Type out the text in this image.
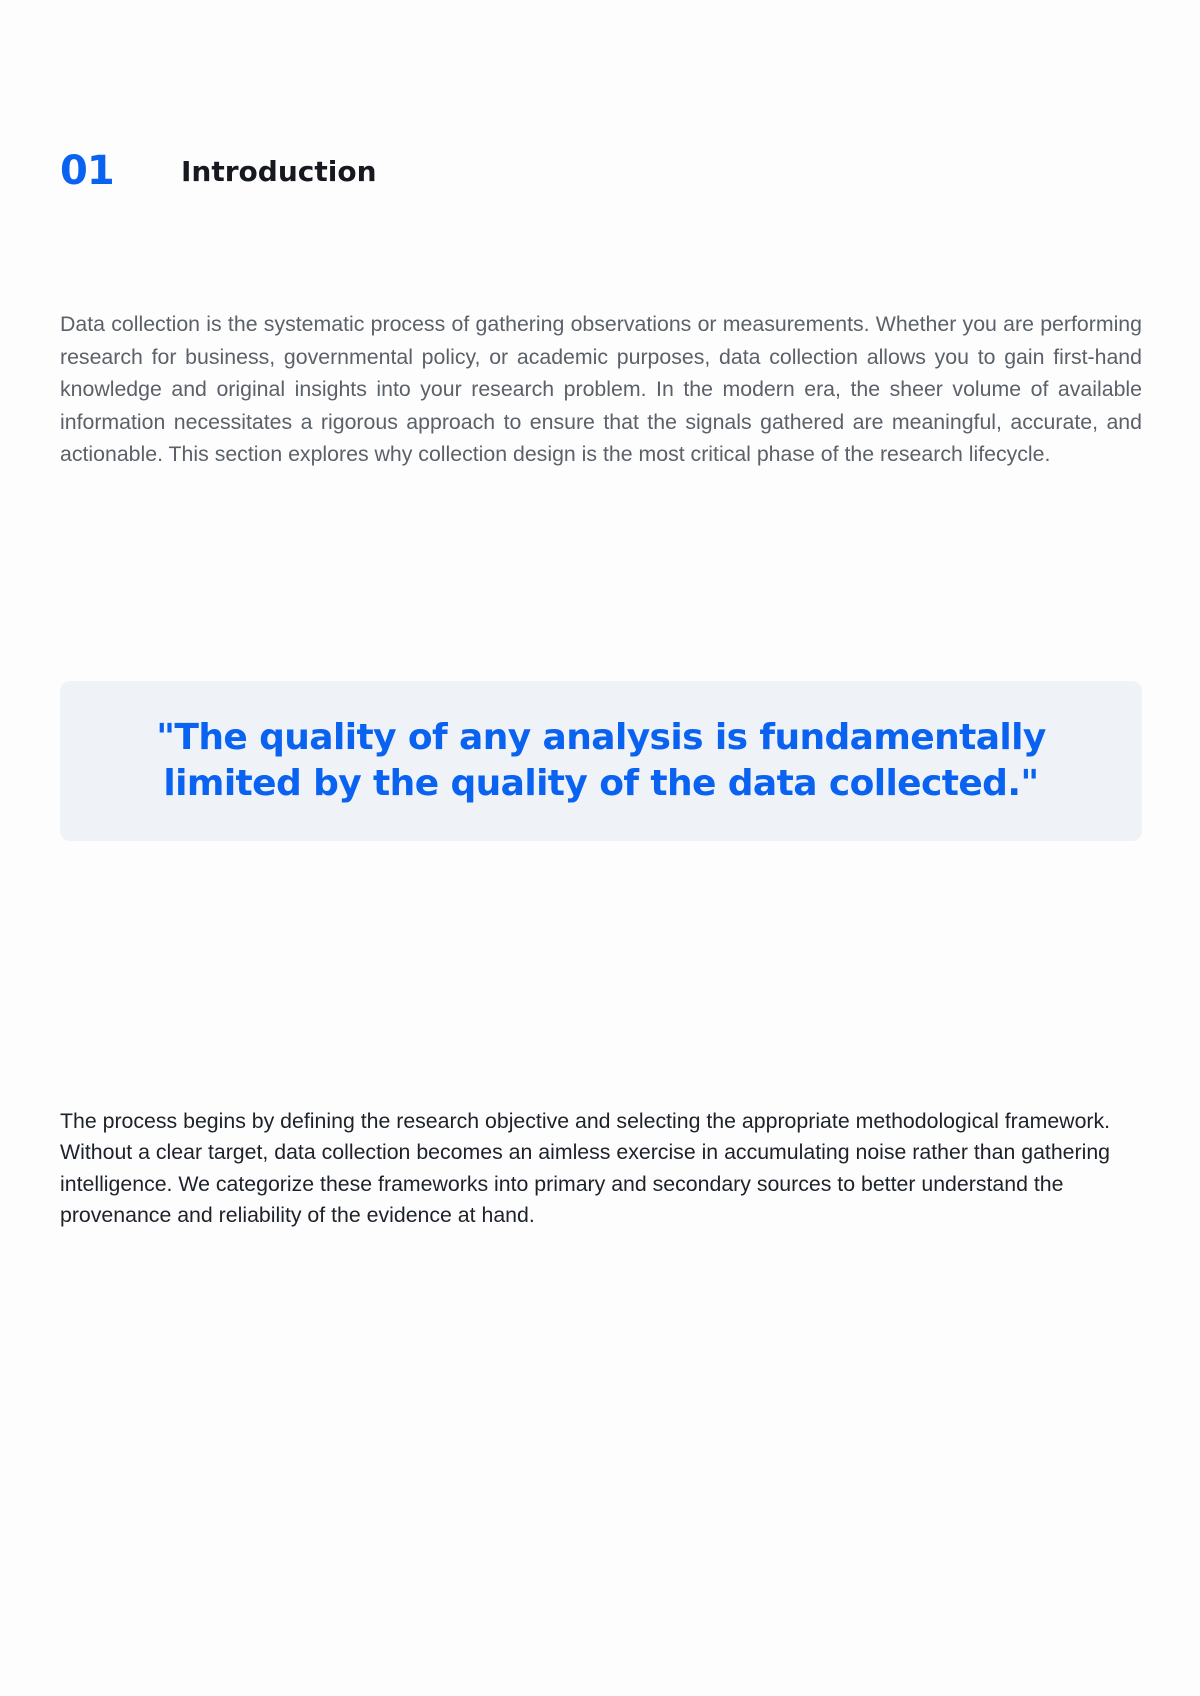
01 Introduction

Data collection is the systematic process of gathering observations or measurements. Whether you are performing research for business, governmental policy, or academic purposes, data collection allows you to gain first-hand knowledge and original insights into your research problem. In the modern era, the sheer volume of available information necessitates a rigorous approach to ensure that the signals gathered are meaningful, accurate, and actionable. This section explores why collection design is the most critical phase of the research lifecycle.

"The quality of any analysis is fundamentally limited by the quality of the data collected."

The process begins by defining the research objective and selecting the appropriate methodological framework. Without a clear target, data collection becomes an aimless exercise in accumulating noise rather than gathering intelligence. We categorize these frameworks into primary and secondary sources to better understand the provenance and reliability of the evidence at hand.
